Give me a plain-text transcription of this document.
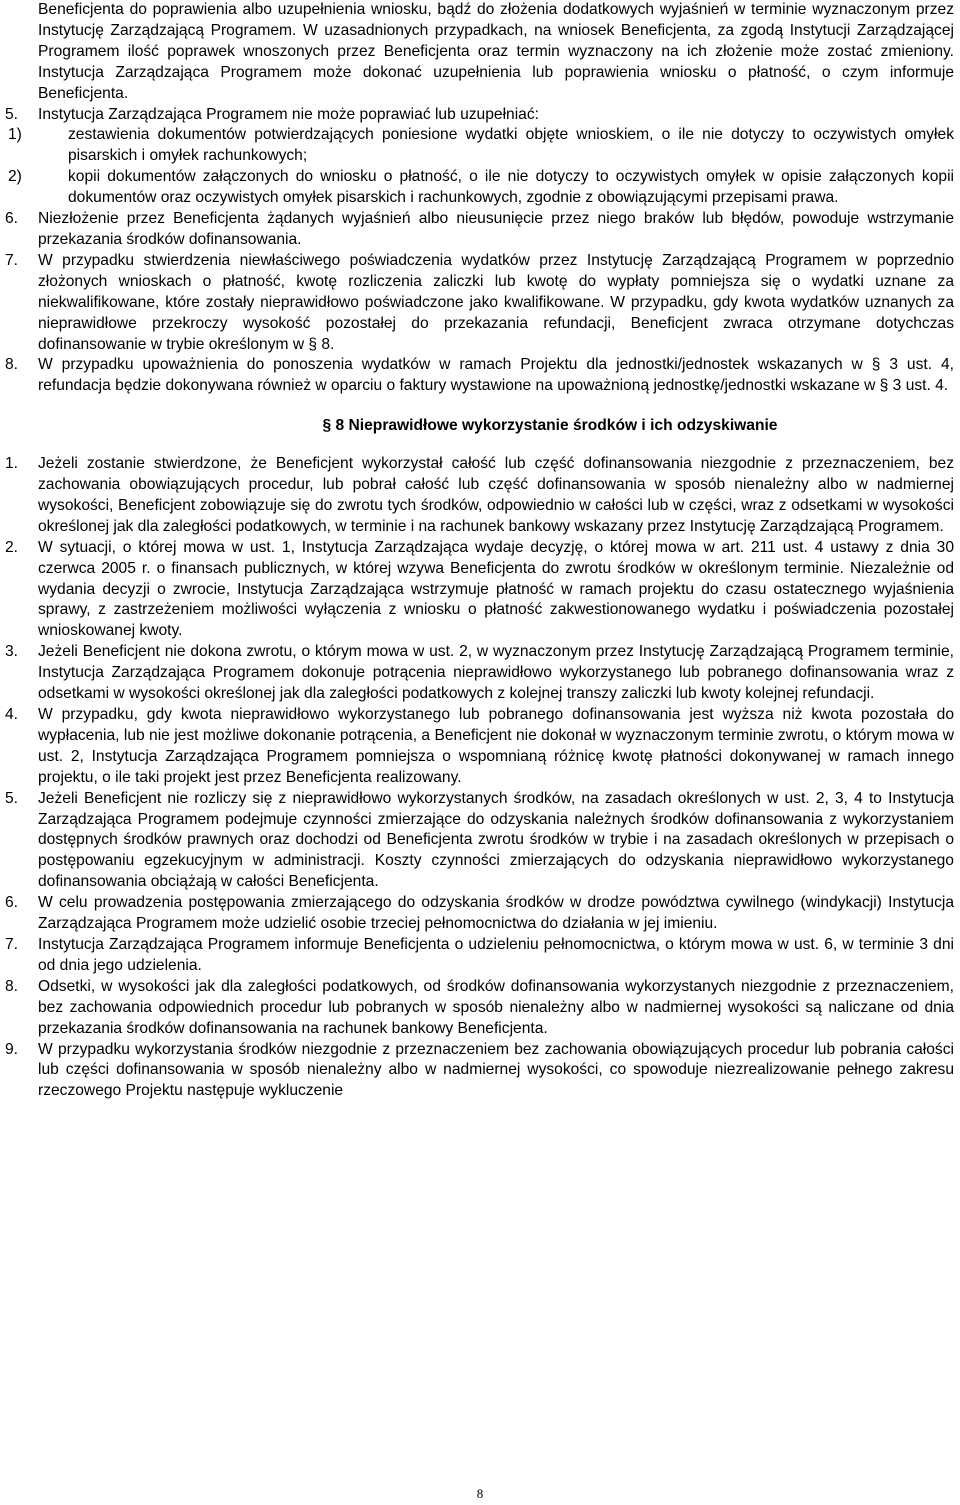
Beneficjenta do poprawienia albo uzupełnienia wniosku, bądź do złożenia dodatkowych wyjaśnień w terminie wyznaczonym przez Instytucję Zarządzającą Programem. W uzasadnionych przypadkach, na wniosek Beneficjenta, za zgodą Instytucji Zarządzającej Programem ilość poprawek wnoszonych przez Beneficjenta oraz termin wyznaczony na ich złożenie może zostać zmieniony. Instytucja Zarządzająca Programem może dokonać uzupełnienia lub poprawienia wniosku o płatność, o czym informuje Beneficjenta.
5. Instytucja Zarządzająca Programem nie może poprawiać lub uzupełniać:
1)	zestawienia dokumentów potwierdzających poniesione wydatki objęte wnioskiem, o ile nie dotyczy to oczywistych omyłek pisarskich i omyłek rachunkowych;
2)	kopii dokumentów załączonych do wniosku o płatność, o ile nie dotyczy to oczywistych omyłek w opisie załączonych kopii dokumentów oraz oczywistych omyłek pisarskich i rachunkowych, zgodnie z obowiązującymi przepisami prawa.
6. Niezłożenie przez Beneficjenta żądanych wyjaśnień albo nieusunięcie przez niego braków lub błędów, powoduje wstrzymanie przekazania środków dofinansowania.
7. W przypadku stwierdzenia niewłaściwego poświadczenia wydatków przez Instytucję Zarządzającą Programem w poprzednio złożonych wnioskach o płatność, kwotę rozliczenia zaliczki lub kwotę do wypłaty pomniejsza się o wydatki uznane za niekwalifikowane, które zostały nieprawidłowo poświadczone jako kwalifikowane. W przypadku, gdy kwota wydatków uznanych za nieprawidłowe przekroczy wysokość pozostałej do przekazania refundacji, Beneficjent zwraca otrzymane dotychczas dofinansowanie w trybie określonym w § 8.
8. W przypadku upoważnienia do ponoszenia wydatków w ramach Projektu dla jednostki/jednostek wskazanych w § 3 ust. 4, refundacja będzie dokonywana również w oparciu o faktury wystawione na upoważnioną jednostkę/jednostki wskazane w § 3 ust. 4.
§ 8 Nieprawidłowe wykorzystanie środków i ich odzyskiwanie
1. Jeżeli zostanie stwierdzone, że Beneficjent wykorzystał całość lub część dofinansowania niezgodnie z przeznaczeniem, bez zachowania obowiązujących procedur, lub pobrał całość lub część dofinansowania w sposób nienależny albo w nadmiernej wysokości, Beneficjent zobowiązuje się do zwrotu tych środków, odpowiednio w całości lub w części, wraz z odsetkami w wysokości określonej jak dla zaległości podatkowych, w terminie i na rachunek bankowy wskazany przez Instytucję Zarządzającą Programem.
2. W sytuacji, o której mowa w ust. 1, Instytucja Zarządzająca wydaje decyzję, o której mowa w art. 211 ust. 4 ustawy z dnia 30 czerwca 2005 r. o finansach publicznych, w której wzywa Beneficjenta do zwrotu środków w określonym terminie. Niezależnie od wydania decyzji o zwrocie, Instytucja Zarządzająca wstrzymuje płatność w ramach projektu do czasu ostatecznego wyjaśnienia sprawy, z zastrzeżeniem możliwości wyłączenia z wniosku o płatność zakwestionowanego wydatku i poświadczenia pozostałej wnioskowanej kwoty.
3. Jeżeli Beneficjent nie dokona zwrotu, o którym mowa w ust. 2, w wyznaczonym przez Instytucję Zarządzającą Programem terminie, Instytucja Zarządzająca Programem dokonuje potrącenia nieprawidłowo wykorzystanego lub pobranego dofinansowania wraz z odsetkami w wysokości określonej jak dla zaległości podatkowych z kolejnej transzy zaliczki lub kwoty kolejnej refundacji.
4. W przypadku, gdy kwota nieprawidłowo wykorzystanego lub pobranego dofinansowania jest wyższa niż kwota pozostała do wypłacenia, lub nie jest możliwe dokonanie potrącenia, a Beneficjent nie dokonał w wyznaczonym terminie zwrotu, o którym mowa w ust. 2, Instytucja Zarządzająca Programem pomniejsza o wspomnianą różnicę kwotę płatności dokonywanej w ramach innego projektu, o ile taki projekt jest przez Beneficjenta realizowany.
5. Jeżeli Beneficjent nie rozliczy się z nieprawidłowo wykorzystanych środków, na zasadach określonych w ust. 2, 3, 4 to Instytucja Zarządzająca Programem podejmuje czynności zmierzające do odzyskania należnych środków dofinansowania z wykorzystaniem dostępnych środków prawnych oraz dochodzi od Beneficjenta zwrotu środków w trybie i na zasadach określonych w przepisach o postępowaniu egzekucyjnym w administracji. Koszty czynności zmierzających do odzyskania nieprawidłowo wykorzystanego dofinansowania obciążają w całości Beneficjenta.
6. W celu prowadzenia postępowania zmierzającego do odzyskania środków w drodze powództwa cywilnego (windykacji) Instytucja Zarządzająca Programem może udzielić osobie trzeciej pełnomocnictwa do działania w jej imieniu.
7. Instytucja Zarządzająca Programem informuje Beneficjenta o udzieleniu pełnomocnictwa, o którym mowa w ust. 6, w terminie 3 dni od dnia jego udzielenia.
8. Odsetki, w wysokości jak dla zaległości podatkowych, od środków dofinansowania wykorzystanych niezgodnie z przeznaczeniem, bez zachowania odpowiednich procedur lub pobranych w sposób nienależny albo w nadmiernej wysokości są naliczane od dnia przekazania środków dofinansowania na rachunek bankowy Beneficjenta.
9. W przypadku wykorzystania środków niezgodnie z przeznaczeniem bez zachowania obowiązujących procedur lub pobrania całości lub części dofinansowania w sposób nienależny albo w nadmiernej wysokości, co spowoduje niezrealizowanie pełnego zakresu rzeczowego Projektu następuje wykluczenie
8
